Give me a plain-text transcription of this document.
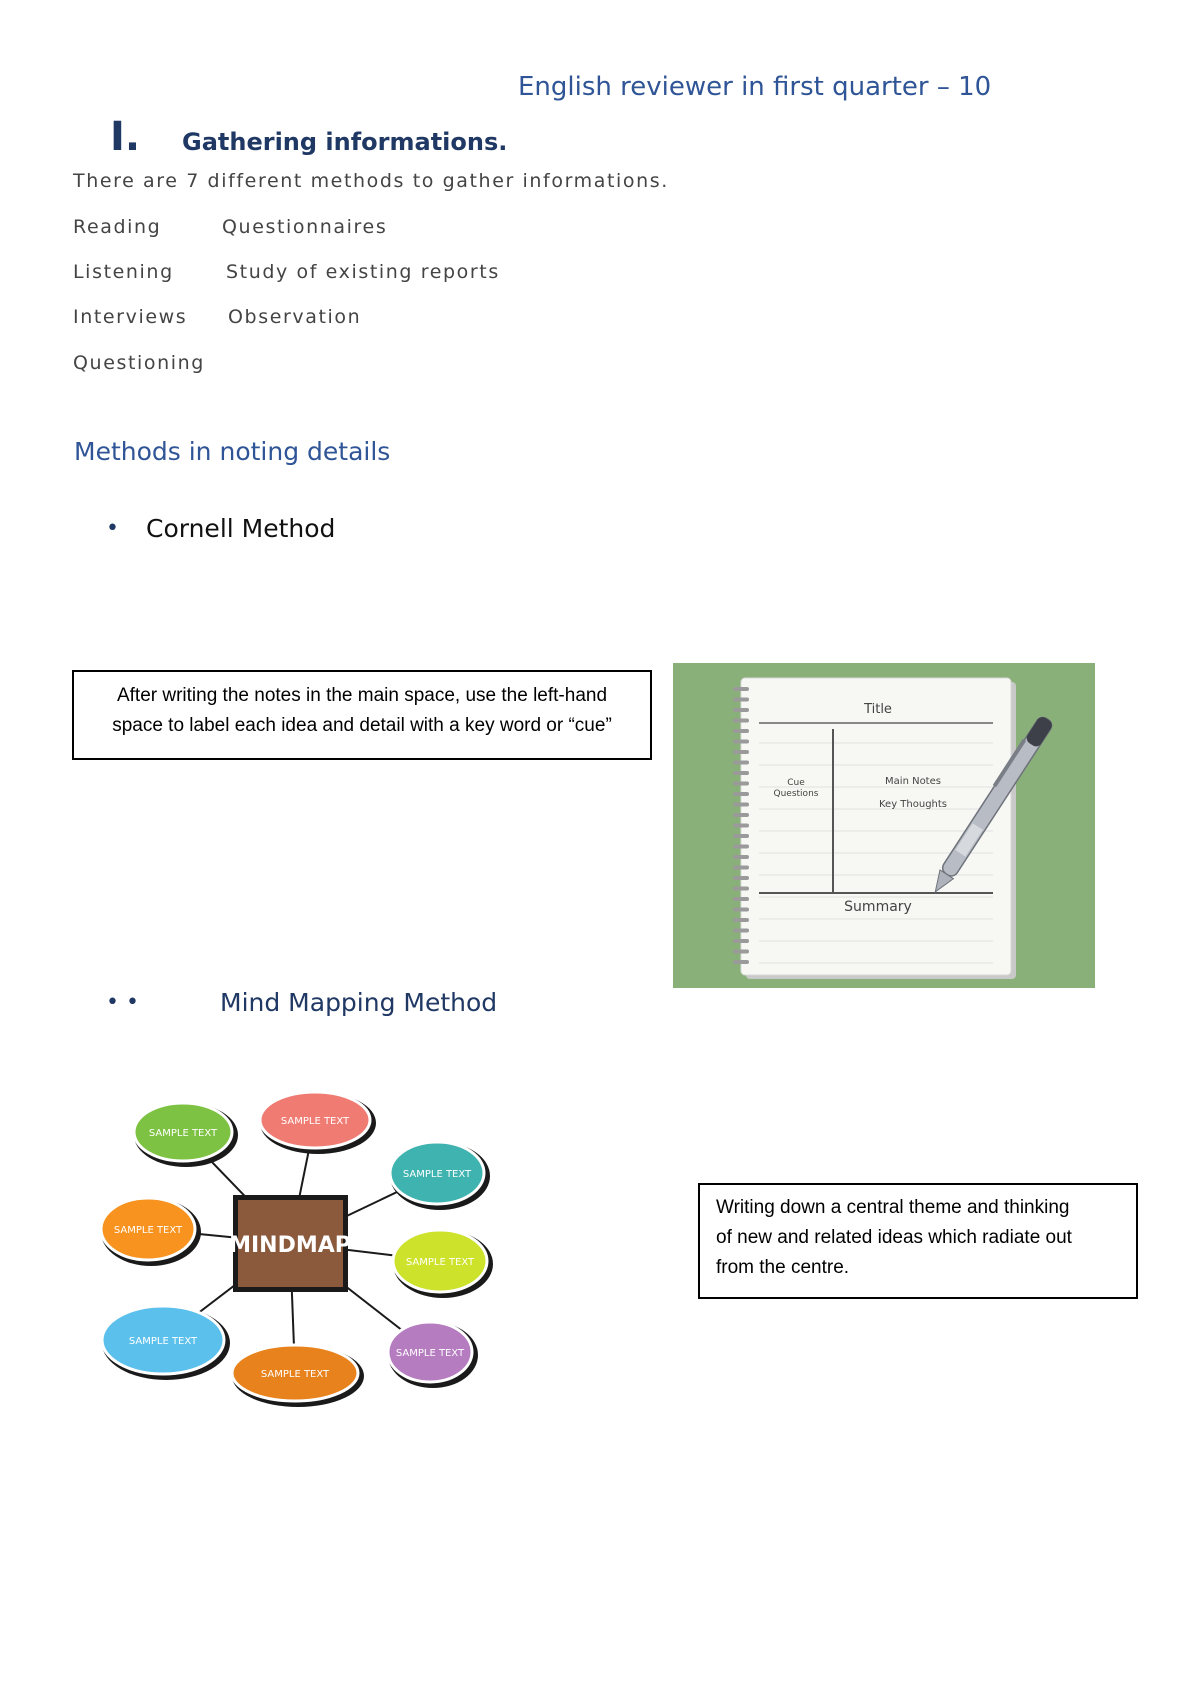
English reviewer in first quarter – 10
I. Gathering informations.
There are 7 different methods to gather informations.
Reading	Questionnaires
Listening	Study of existing reports
Interviews Observation
Questioning
Methods in noting details
• Cornell Method
After writing the notes in the main space, use the left-hand
space to label each idea and detail with a key word or “cue”
Title
Cue
Questions
Main Notes
Key Thoughts
Summary
• •	Mind Mapping Method
SAMPLE TEXT
SAMPLE TEXT
SAMPLE TEXT
SAMPLE TEXT
SAMPLE TEXT
SAMPLE TEXT
SAMPLE TEXT
SAMPLE TEXT
MINDMAP
Writing down a central theme and thinking
of new and related ideas which radiate out
from the centre.
